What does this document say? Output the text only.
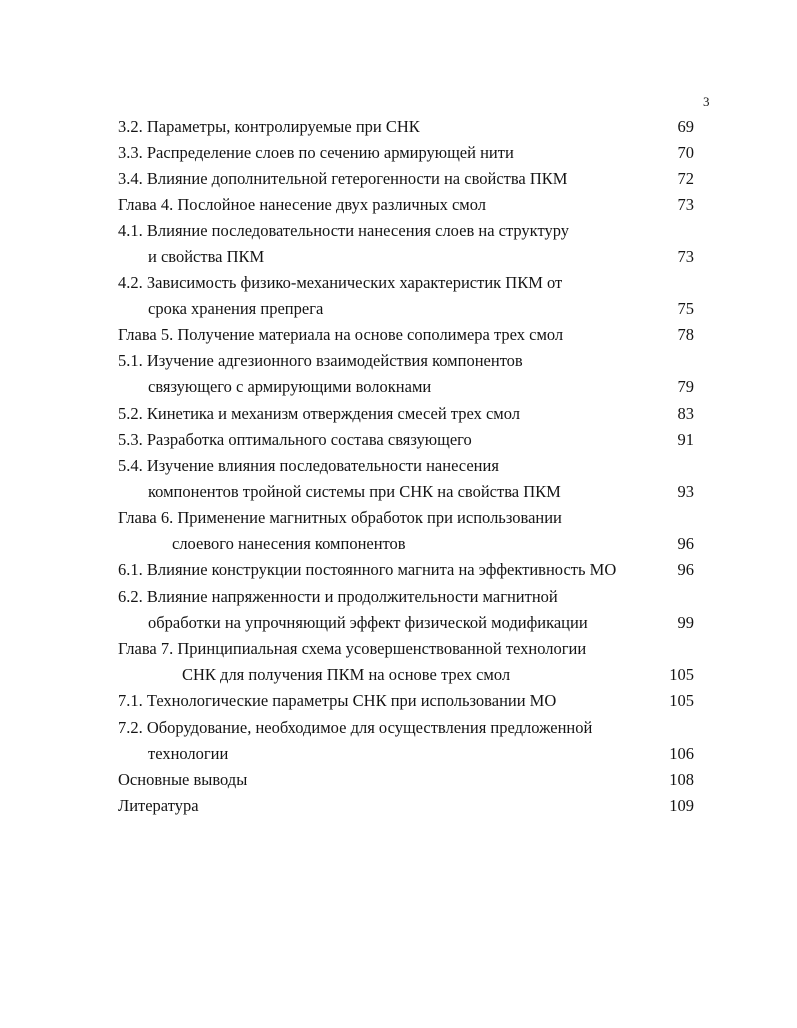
3
3.2. Параметры, контролируемые при СНК	69
3.3. Распределение слоев по сечению армирующей нити	70
3.4. Влияние дополнительной гетерогенности на свойства ПКМ	72
Глава 4. Послойное нанесение двух различных смол	73
4.1. Влияние последовательности нанесения слоев на структуру
и свойства ПКМ	73
4.2. Зависимость физико-механических характеристик ПКМ от
срока хранения препрега	75
Глава 5. Получение материала на основе сополимера трех смол	78
5.1. Изучение адгезионного взаимодействия компонентов
связующего с армирующими волокнами	79
5.2. Кинетика и механизм отверждения смесей трех смол	83
5.3. Разработка оптимального состава связующего	91
5.4. Изучение влияния последовательности нанесения
компонентов тройной системы при СНК на свойства ПКМ	93
Глава 6. Применение магнитных обработок при использовании
слоевого нанесения компонентов	96
6.1. Влияние конструкции постоянного магнита на эффективность МО	96
6.2. Влияние напряженности и продолжительности магнитной
обработки на упрочняющий эффект физической модификации	99
Глава 7. Принципиальная схема усовершенствованной технологии
СНК для получения ПКМ на основе трех смол	105
7.1. Технологические параметры СНК при использовании МО	105
7.2. Оборудование, необходимое для осуществления предложенной
технологии	106
Основные выводы	108
Литература	109
